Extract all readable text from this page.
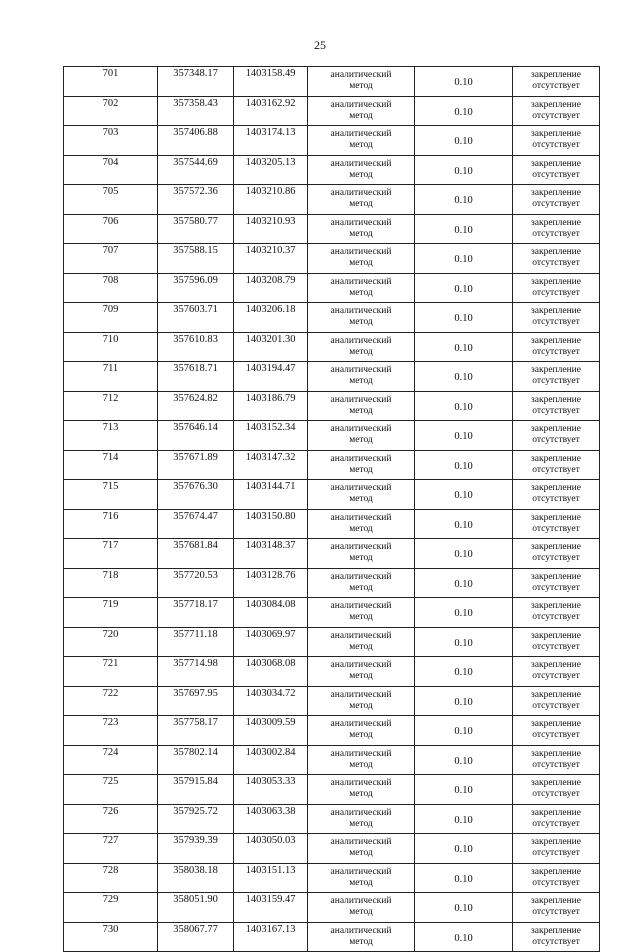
25
701	357348.17	1403158.49	аналитический
метод	0.10	закрепление
отсутствует

702	357358.43	1403162.92	аналитический
метод	0.10	закрепление
отсутствует

703	357406.88	1403174.13	аналитический
метод	0.10	закрепление
отсутствует

704	357544.69	1403205.13	аналитический
метод	0.10	закрепление
отсутствует

705	357572.36	1403210.86	аналитический
метод	0.10	закрепление
отсутствует

706	357580.77	1403210.93	аналитический
метод	0.10	закрепление
отсутствует

707	357588.15	1403210.37	аналитический
метод	0.10	закрепление
отсутствует

708	357596.09	1403208.79	аналитический
метод	0.10	закрепление
отсутствует

709	357603.71	1403206.18	аналитический
метод	0.10	закрепление
отсутствует

710	357610.83	1403201.30	аналитический
метод	0.10	закрепление
отсутствует

711	357618.71	1403194.47	аналитический
метод	0.10	закрепление
отсутствует

712	357624.82	1403186.79	аналитический
метод	0.10	закрепление
отсутствует

713	357646.14	1403152.34	аналитический
метод	0.10	закрепление
отсутствует

714	357671.89	1403147.32	аналитический
метод	0.10	закрепление
отсутствует

715	357676.30	1403144.71	аналитический
метод	0.10	закрепление
отсутствует

716	357674.47	1403150.80	аналитический
метод	0.10	закрепление
отсутствует

717	357681.84	1403148.37	аналитический
метод	0.10	закрепление
отсутствует

718	357720.53	1403128.76	аналитический
метод	0.10	закрепление
отсутствует

719	357718.17	1403084.08	аналитический
метод	0.10	закрепление
отсутствует

720	357711.18	1403069.97	аналитический
метод	0.10	закрепление
отсутствует

721	357714.98	1403068.08	аналитический
метод	0.10	закрепление
отсутствует

722	357697.95	1403034.72	аналитический
метод	0.10	закрепление
отсутствует

723	357758.17	1403009.59	аналитический
метод	0.10	закрепление
отсутствует

724	357802.14	1403002.84	аналитический
метод	0.10	закрепление
отсутствует

725	357915.84	1403053.33	аналитический
метод	0.10	закрепление
отсутствует

726	357925.72	1403063.38	аналитический
метод	0.10	закрепление
отсутствует

727	357939.39	1403050.03	аналитический
метод	0.10	закрепление
отсутствует

728	358038.18	1403151.13	аналитический
метод	0.10	закрепление
отсутствует

729	358051.90	1403159.47	аналитический
метод	0.10	закрепление
отсутствует

730	358067.77	1403167.13	аналитический
метод	0.10	закрепление
отсутствует
